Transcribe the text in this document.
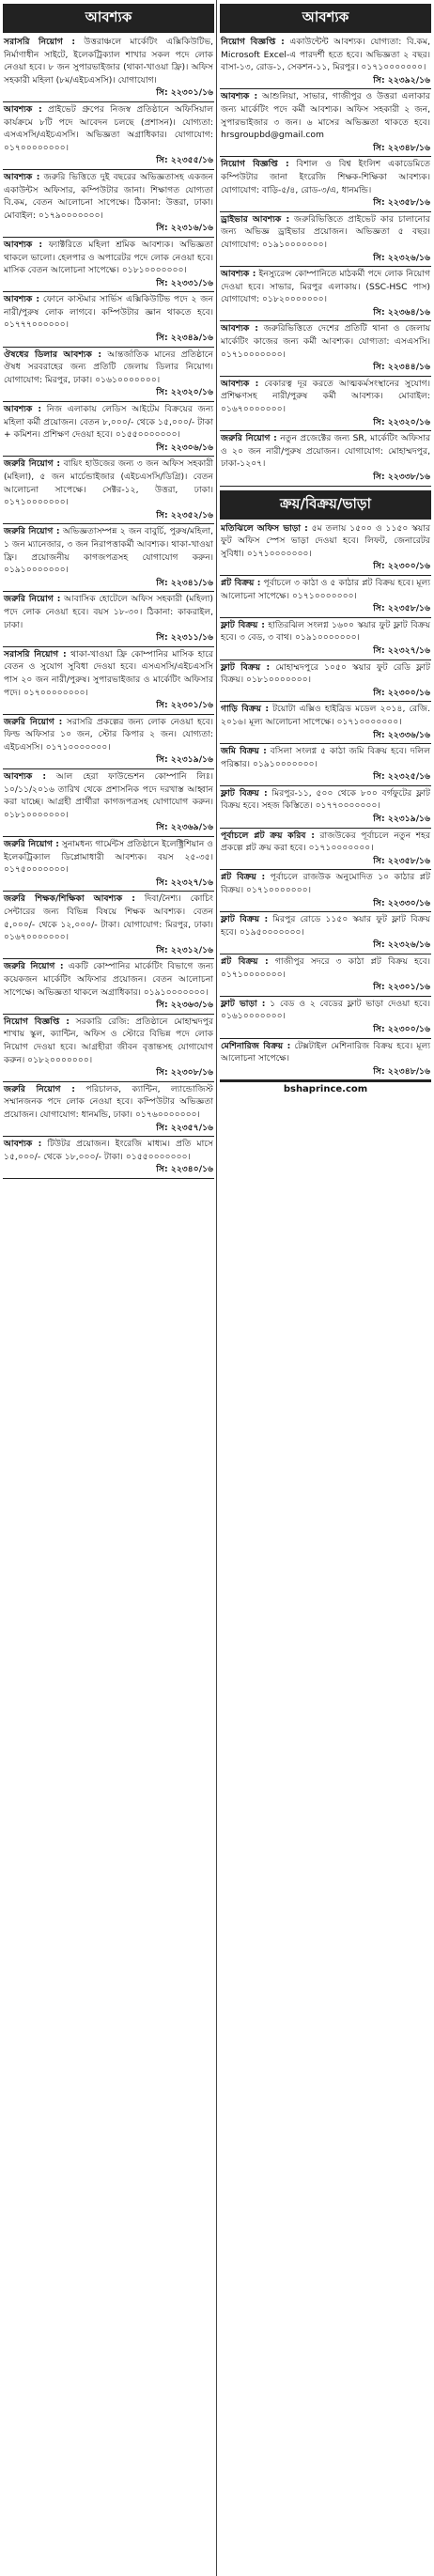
আবশ্যক
সরাসরি নিয়োগ : উত্তরাঞ্চলে মার্কেটিং এক্সিকিউটিভ, নির্মাণাধীন সাইটে, ইলেকট্রিক্যাল শাখার সকল পদে লোক নেওয়া হবে। ৮ জন সুপারভাইজার (থাকা-খাওয়া ফ্রি)। অফিস সহকারী মহিলা (৮ম/এইচএসসি)। যোগাযোগ।
সি: ২২৩০১/১৬
আবশ্যক : প্রাইভেট গ্রুপের নিজস্ব প্রতিষ্ঠানে অফিসিয়াল কার্যক্রমে ৮টি পদে আবেদন চলছে (প্রশাসন)। যোগ্যতা: এসএসসি/এইচএসসি। অভিজ্ঞতা অগ্রাধিকার। যোগাযোগ: ০১৭০০০০০০০০।
সি: ২২৩৫৫/১৬
আবশ্যক : জরুরি ভিত্তিতে দুই বছরের অভিজ্ঞতাসহ একজন একাউন্টস অফিসার, কম্পিউটার জানা। শিক্ষাগত যোগ্যতা বি.কম, বেতন আলোচনা সাপেক্ষে। ঠিকানা: উত্তরা, ঢাকা। মোবাইল: ০১৭৯০০০০০০০।
সি: ২২৩১৬/১৬
আবশ্যক : ফ্যাক্টরিতে মহিলা শ্রমিক আবশ্যক। অভিজ্ঞতা থাকলে ভালো। হেলপার ও অপারেটর পদে লোক নেওয়া হবে। মাসিক বেতন আলোচনা সাপেক্ষে। ০১৮১০০০০০০০।
সি: ২২৩৩১/১৬
আবশ্যক : ফোনে কাস্টমার সার্ভিস এক্সিকিউটিভ পদে ২ জন নারী/পুরুষ লোক লাগবে। কম্পিউটার জ্ঞান থাকতে হবে। ০১৭৭৭০০০০০০।
সি: ২২৩৪৯/১৬
ঔষধের ডিলার আবশ্যক : আন্তর্জাতিক মানের প্রতিষ্ঠানে ঔষধ সরবরাহের জন্য প্রতিটি জেলায় ডিলার নিয়োগ। যোগাযোগ: মিরপুর, ঢাকা। ০১৬১০০০০০০০।
সি: ২২৩২০/১৬
আবশ্যক : নিজ এলাকায় লেডিস আইটেম বিক্রয়ের জন্য মহিলা কর্মী প্রয়োজন। বেতন ৮,০০০/- থেকে ১৫,০০০/- টাকা + কমিশন। প্রশিক্ষণ দেওয়া হবে। ০১৫৫০০০০০০০।
সি: ২২৩০৬/১৬
জরুরি নিয়োগ : বায়িং হাউজের জন্য ৩ জন অফিস সহকারী (মহিলা), ৫ জন মার্চেন্ডাইজার (এইচএসসি/ডিগ্রি)। বেতন আলোচনা সাপেক্ষে। সেক্টর-১২, উত্তরা, ঢাকা। ০১৭১০০০০০০০।
সি: ২২৩৫২/১৬
জরুরি নিয়োগ : অভিজ্ঞতাসম্পন্ন ২ জন বাবুর্চি, পুরুষ/মহিলা, ১ জন ম্যানেজার, ৩ জন নিরাপত্তাকর্মী আবশ্যক। থাকা-খাওয়া ফ্রি। প্রয়োজনীয় কাগজপত্রসহ যোগাযোগ করুন। ০১৯১০০০০০০০।
সি: ২২৩৪১/১৬
জরুরি নিয়োগ : আবাসিক হোটেলে অফিস সহকারী (মহিলা) পদে লোক নেওয়া হবে। বয়স ১৮-৩০। ঠিকানা: কাকরাইল, ঢাকা।
সি: ২২৩১১/১৬
সরাসরি নিয়োগ : থাকা-খাওয়া ফ্রি কোম্পানির মাসিক হারে বেতন ও সুযোগ সুবিধা দেওয়া হবে। এসএসসি/এইচএসসি পাস ২০ জন নারী/পুরুষ। সুপারভাইজার ও মার্কেটিং অফিসার পদে। ০১৭০০০০০০০০।
সি: ২২৩০১/১৬
জরুরি নিয়োগ : সরাসরি প্রকল্পের জন্য লোক নেওয়া হবে। ফিল্ড অফিসার ১০ জন, স্টোর কিপার ২ জন। যোগ্যতা: এইচএসসি। ০১৭১০০০০০০০।
সি: ২২৩১৯/১৬
আবশ্যক : আল হেরা ফাউন্ডেশন কোম্পানি লিঃ। ১০/১১/২০১৬ তারিখ থেকে প্রশাসনিক পদে দরখাস্ত আহ্বান করা যাচ্ছে। আগ্রহী প্রার্থীরা কাগজপত্রসহ যোগাযোগ করুন। ০১৮১০০০০০০০।
সি: ২২৩৬৯/১৬
জরুরি নিয়োগ : সুনামধন্য গার্মেন্টস প্রতিষ্ঠানে ইলেক্ট্রিশিয়ান ও ইলেকট্রিক্যাল ডিপ্লোমাধারী আবশ্যক। বয়স ২৫-৩৫। ০১৭৫০০০০০০০।
সি: ২২৩২৭/১৬
জরুরি শিক্ষক/শিক্ষিকা আবশ্যক : দিবা/নৈশ্য। কোচিং সেন্টারের জন্য বিভিন্ন বিষয়ে শিক্ষক আবশ্যক। বেতন ৫,০০০/- থেকে ১২,০০০/- টাকা। যোগাযোগ: মিরপুর, ঢাকা। ০১৬৭০০০০০০০।
সি: ২২৩১২/১৬
জরুরি নিয়োগ : একটি কোম্পানির মার্কেটিং বিভাগে জন্য কয়েকজন মার্কেটিং অফিসার প্রয়োজন। বেতন আলোচনা সাপেক্ষে। অভিজ্ঞতা থাকলে অগ্রাধিকার। ০১৯১০০০০০০০।
সি: ২২৩৬৩/১৬
নিয়োগ বিজ্ঞপ্তি : সরকারি রেজি: প্রতিষ্ঠানে মোহাম্মদপুর শাখায় স্কুল, ক্যান্টিন, অফিস ও স্টোরে বিভিন্ন পদে লোক নিয়োগ দেওয়া হবে। আগ্রহীরা জীবন বৃত্তান্তসহ যোগাযোগ করুন। ০১৮২০০০০০০০।
সি: ২২৩০৮/১৬
জরুরি নিয়োগ : পরিচালক, ক্যান্টিন, ল্যান্ডোজিস্ট সম্মানজনক পদে লোক নেওয়া হবে। কম্পিউটার অভিজ্ঞতা প্রয়োজন। যোগাযোগ: ধানমন্ডি, ঢাকা। ০১৭৬০০০০০০০।
সি: ২২৩৫৭/১৬
আবশ্যক : টিউটর প্রয়োজন। ইংরেজি মাধ্যম। প্রতি মাসে ১৫,০০০/- থেকে ১৮,০০০/- টাকা। ০১৫৫০০০০০০০।
সি: ২২৩৪০/১৬
আবশ্যক
নিয়োগ বিজ্ঞপ্তি : একাউন্টেন্ট আবশ্যক। যোগ্যতা: বি.কম, Microsoft Excel-এ পারদর্শী হতে হবে। অভিজ্ঞতা ২ বছর। বাসা-১৩, রোড-১, সেকশন-১১, মিরপুর। ০১৭১০০০০০০০।
সি: ২২৩৯২/১৬
আবশ্যক : আশুলিয়া, সাভার, গাজীপুর ও উত্তরা এলাকার জন্য মার্কেটিং পদে কর্মী আবশ্যক। অফিস সহকারী ২ জন, সুপারভাইজার ৩ জন। ৬ মাসের অভিজ্ঞতা থাকতে হবে। hrsgroupbd@gmail.com
সি: ২২৩৪৮/১৬
নিয়োগ বিজ্ঞপ্তি : বিশাল ও বিশ্ব ইংলিশ একাডেমিতে কম্পিউটার জানা ইংরেজি শিক্ষক-শিক্ষিকা আবশ্যক। যোগাযোগ: বাড়ি-৫/৪, রোড-৩/এ, ধানমন্ডি।
সি: ২২৩৫৮/১৬
ড্রাইভার আবশ্যক : জরুরিভিত্তিতে প্রাইভেট কার চালানোর জন্য অভিজ্ঞ ড্রাইভার প্রয়োজন। অভিজ্ঞতা ৫ বছর। যোগাযোগ: ০১৯১০০০০০০০।
সি: ২২৩২৬/১৬
আবশ্যক : ইনস্যুরেন্স কোম্পানিতে মাঠকর্মী পদে লোক নিয়োগ দেওয়া হবে। সাভার, মিরপুর এলাকায়। (SSC-HSC পাস) যোগাযোগ: ০১৮২০০০০০০০।
সি: ২২৩৬৪/১৬
আবশ্যক : জরুরিভিত্তিতে দেশের প্রতিটি থানা ও জেলায় মার্কেটিং কাজের জন্য কর্মী আবশ্যক। যোগ্যতা: এসএসসি। ০১৭১০০০০০০০।
সি: ২২৩৪৪/১৬
আবশ্যক : বেকারত্ব দূর করতে আত্মকর্মসংস্থানের সুযোগ। প্রশিক্ষণসহ নারী/পুরুষ কর্মী আবশ্যক। মোবাইল: ০১৬৭০০০০০০০।
সি: ২২৩২০/১৬
জরুরি নিয়োগ : নতুন প্রজেক্টের জন্য SR, মার্কেটিং অফিসার ও ২০ জন নারী/পুরুষ প্রয়োজন। যোগাযোগ: মোহাম্মদপুর, ঢাকা-১২০৭।
সি: ২২৩৩৮/১৬
ক্রয়/বিক্রয়/ভাড়া
মতিঝিলে অফিস ভাড়া : ৫ম তলায় ১৫০০ ও ১১৫০ স্কয়ার ফুট অফিস স্পেস ভাড়া দেওয়া হবে। লিফট, জেনারেটর সুবিধা। ০১৭১০০০০০০০।
সি: ২২৩০০/১৬
প্লট বিক্রয় : পূর্বাচলে ৩ কাঠা ও ৫ কাঠার প্লট বিক্রয় হবে। মূল্য আলোচনা সাপেক্ষে। ০১৭১০০০০০০০।
সি: ২২৩৫৮/১৬
ফ্লাট বিক্রয় : হাতিরঝিল সংলগ্ন ১৬০০ স্কয়ার ফুট ফ্লাট বিক্রয় হবে। ৩ বেড, ৩ বাথ। ০১৯১০০০০০০০।
সি: ২২৩২৭/১৬
ফ্লাট বিক্রয় : মোহাম্মদপুরে ১০৫০ স্কয়ার ফুট রেডি ফ্লাট বিক্রয়। ০১৮১০০০০০০০।
সি: ২২৩০০/১৬
গাড়ি বিক্রয় : টয়োটা এক্সিও হাইব্রিড মডেল ২০১৪, রেজি. ২০১৬। মূল্য আলোচনা সাপেক্ষে। ০১৭১০০০০০০০।
সি: ২২৩৩৬/১৬
জমি বিক্রয় : বসিলা সংলগ্ন ৫ কাঠা জমি বিক্রয় হবে। দলিল পরিষ্কার। ০১৯১০০০০০০০।
সি: ২২৩২৫/১৬
ফ্লাট বিক্রয় : মিরপুর-১১, ৫০০ থেকে ৮০০ বর্গফুটের ফ্লাট বিক্রয় হবে। সহজ কিস্তিতে। ০১৭৭০০০০০০০।
সি: ২২৩১৯/১৬
পূর্বাচলে প্লট ক্রয় করিব : রাজউকের পূর্বাচলে নতুন শহর প্রকল্পে প্লট ক্রয় করা হবে। ০১৭১০০০০০০০।
সি: ২২৩৫৮/১৬
প্লট বিক্রয় : পূর্বাচলে রাজউক অনুমোদিত ১০ কাঠার প্লট বিক্রয়। ০১৭১০০০০০০০।
সি: ২২৩৩০/১৬
ফ্লাট বিক্রয় : মিরপুর রোডে ১১৫০ স্কয়ার ফুট ফ্লাট বিক্রয় হবে। ০১৯৫০০০০০০০।
সি: ২২৩২৬/১৬
প্লট বিক্রয় : গাজীপুর সদরে ৩ কাঠা প্লট বিক্রয় হবে। ০১৭১০০০০০০০।
সি: ২২৩০১/১৬
ফ্লাট ভাড়া : ১ বেড ও ২ বেডের ফ্লাট ভাড়া দেওয়া হবে। ০১৬১০০০০০০০।
সি: ২২৩০০/১৬
মেশিনারিজ বিক্রয় : টেক্সটাইল মেশিনারিজ বিক্রয় হবে। মূল্য আলোচনা সাপেক্ষে।
সি: ২২৩৪৮/১৬
bshaprince.com
